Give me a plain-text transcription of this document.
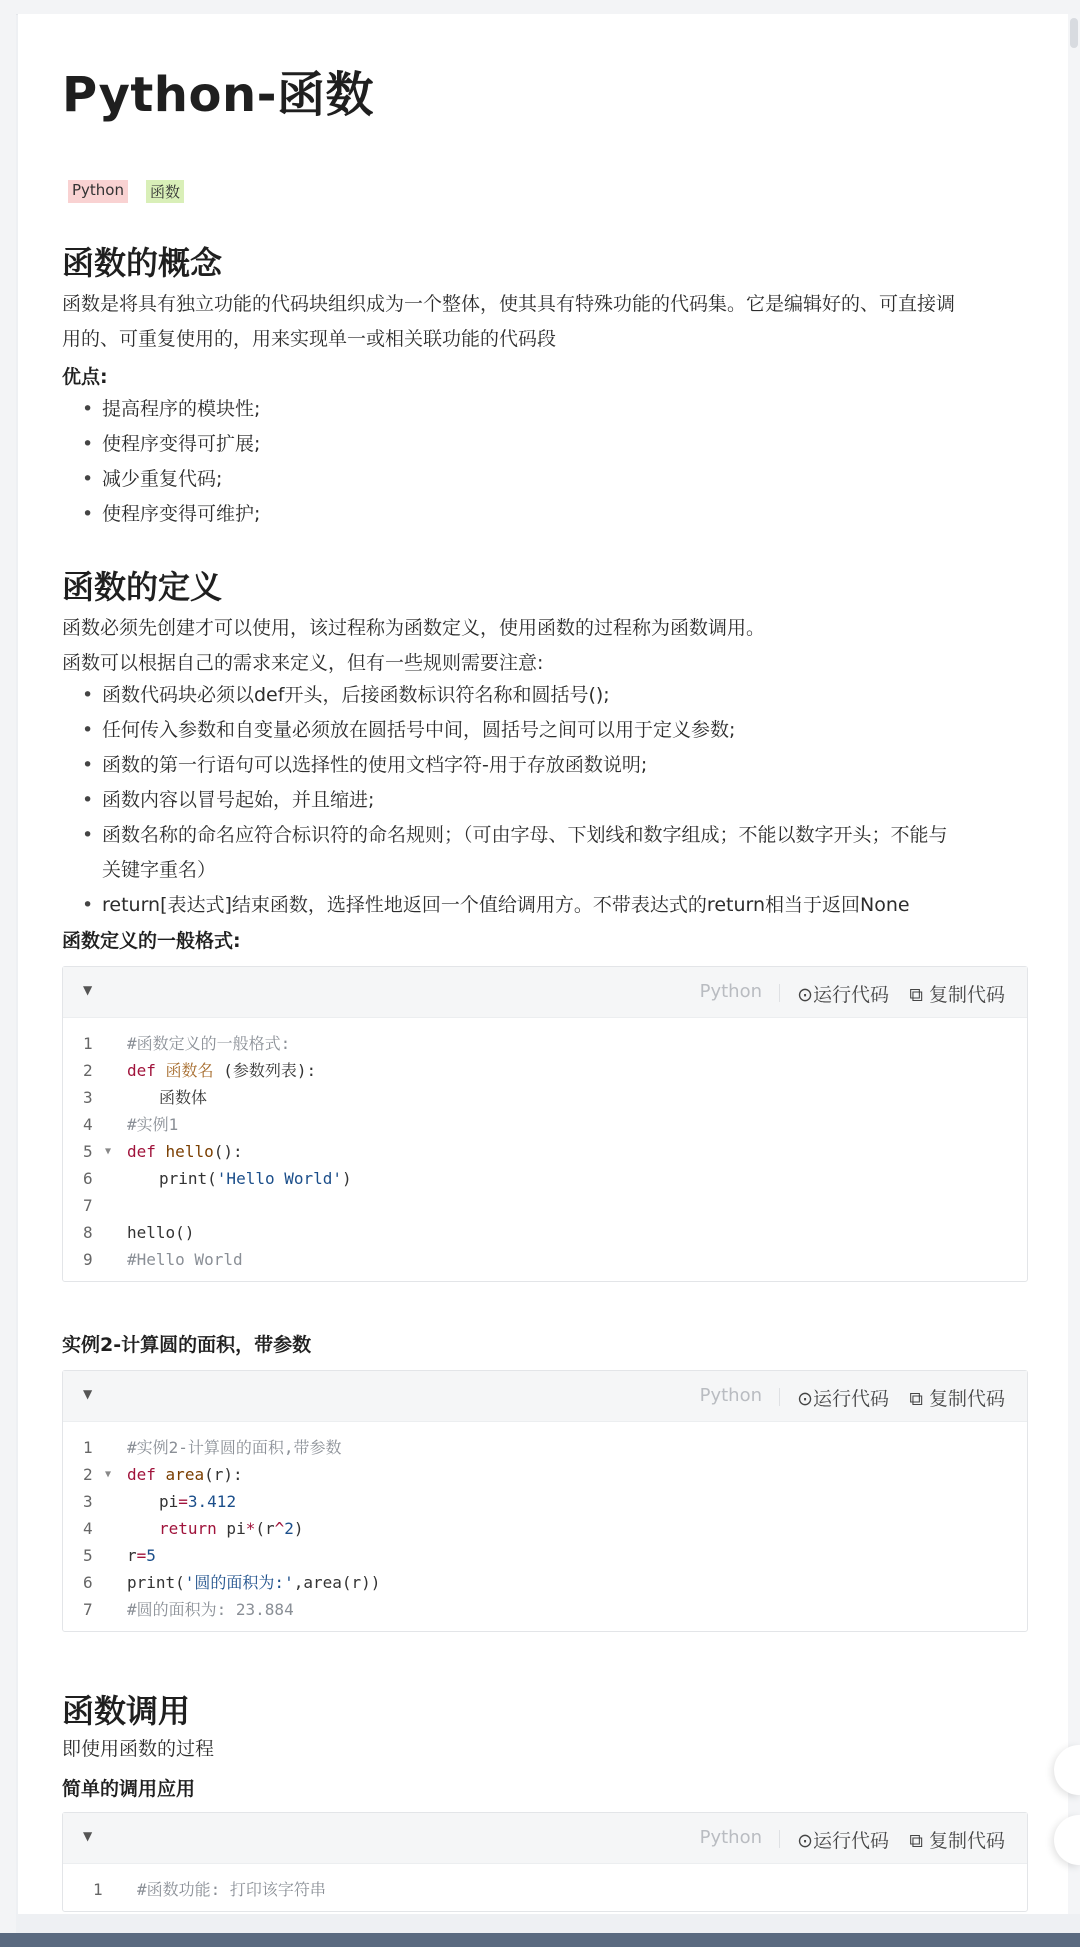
Python-函数
Python 函数
函数的概念

函数是将具有独立功能的代码块组织成为一个整体，使其具有特殊功能的代码集。它是编辑好的、可直接调

用的、可重复使用的，用来实现单一或相关联功能的代码段

优点:
• 提高程序的模块性;
• 使程序变得可扩展;
• 减少重复代码;
• 使程序变得可维护;
函数的定义

函数必须先创建才可以使用，该过程称为函数定义，使用函数的过程称为函数调用。

函数可以根据自己的需求来定义，但有一些规则需要注意:

• 函数代码块必须以def开头，后接函数标识符名称和圆括号();
• 任何传入参数和自变量必须放在圆括号中间，圆括号之间可以用于定义参数;
• 函数的第一行语句可以选择性的使用文档字符-用于存放函数说明;
• 函数内容以冒号起始，并且缩进;
• 函数名称的命名应符合标识符的命名规则；（可由字母、下划线和数字组成；不能以数字开头；不能与
关键字重名）
• return[表达式]结束函数，选择性地返回一个值给调用方。不带表达式的return相当于返回None
函数定义的一般格式:
▼	Python ⊙运行代码 ⧉ 复制代码
1	#函数定义的一般格式:
2	def 函数名 (参数列表):
3	函数体
4	#实例1
5	▼ def hello():
6	print('Hello World')
7
8	hello()
9	#Hello World
实例2-计算圆的面积，带参数
▼	Python ⊙运行代码 ⧉ 复制代码
1	#实例2-计算圆的面积,带参数
2	▼ def area(r):
3	pi=3.412
4	return pi*(r^2)
5	r=5
6	print('圆的面积为:',area(r))
7	#圆的面积为: 23.884
函数调用

即使用函数的过程

简单的调用应用
▼	Python ⊙运行代码 ⧉ 复制代码
1	#函数功能: 打印该字符串
